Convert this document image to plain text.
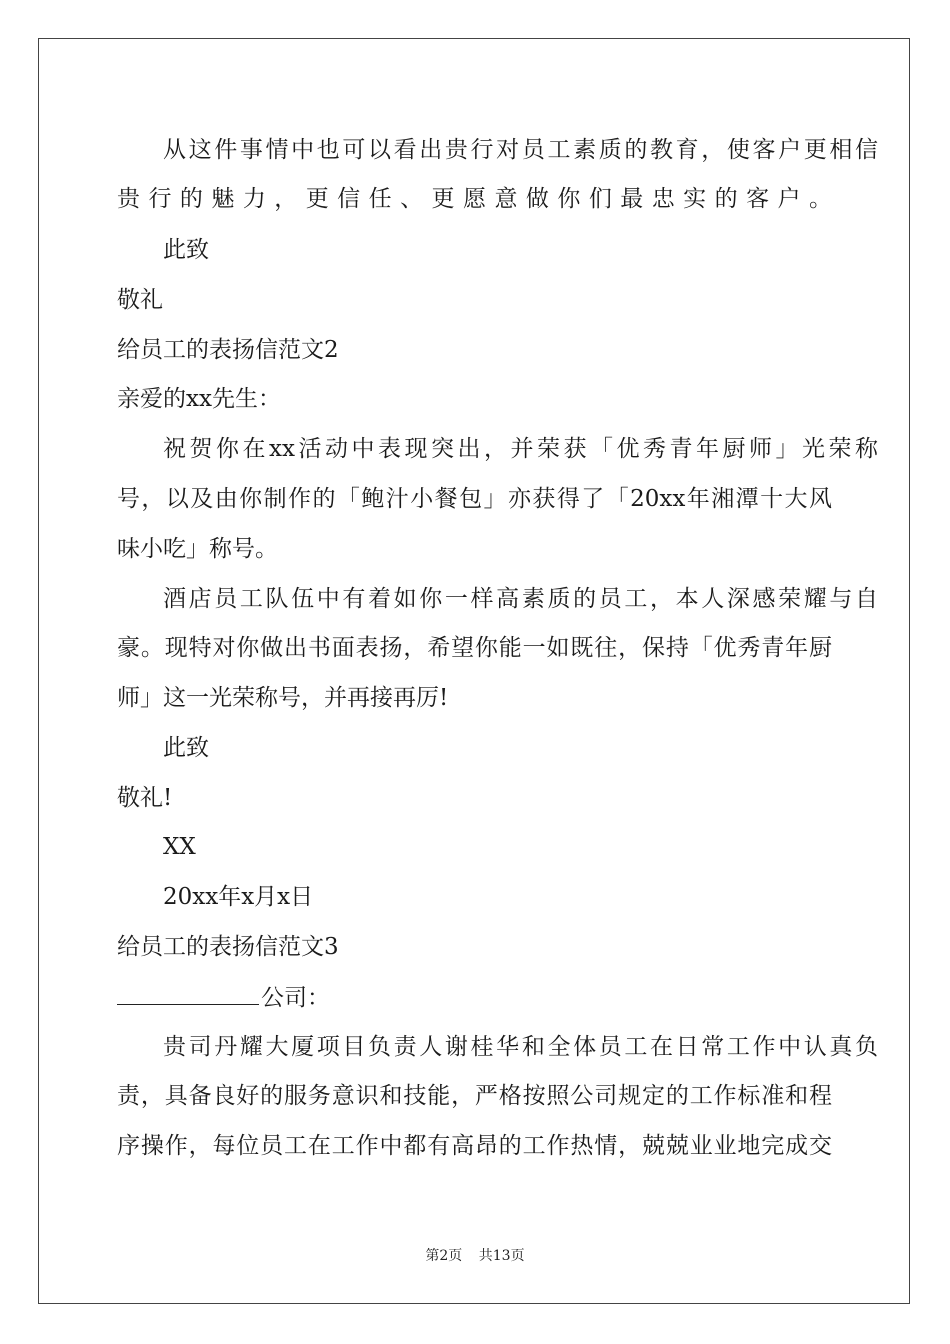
从这件事情中也可以看出贵行对员工素质的教育，使客户更相信
贵行的魅力，更信任、更愿意做你们最忠实的客户。
此致
敬礼
给员工的表扬信范文2
亲爱的xx先生：
祝贺你在xx活动中表现突出，并荣获「优秀青年厨师」光荣称
号，以及由你制作的「鲍汁小餐包」亦获得了「20xx年湘潭十大风
味小吃」称号。
酒店员工队伍中有着如你一样高素质的员工，本人深感荣耀与自
豪。现特对你做出书面表扬，希望你能一如既往，保持「优秀青年厨
师」这一光荣称号，并再接再厉!
此致
敬礼!
XX
20xx年x月x日
给员工的表扬信范文3
公司：
贵司丹耀大厦项目负责人谢桂华和全体员工在日常工作中认真负
责，具备良好的服务意识和技能，严格按照公司规定的工作标准和程
序操作，每位员工在工作中都有高昂的工作热情，兢兢业业地完成交
第2页 共13页
